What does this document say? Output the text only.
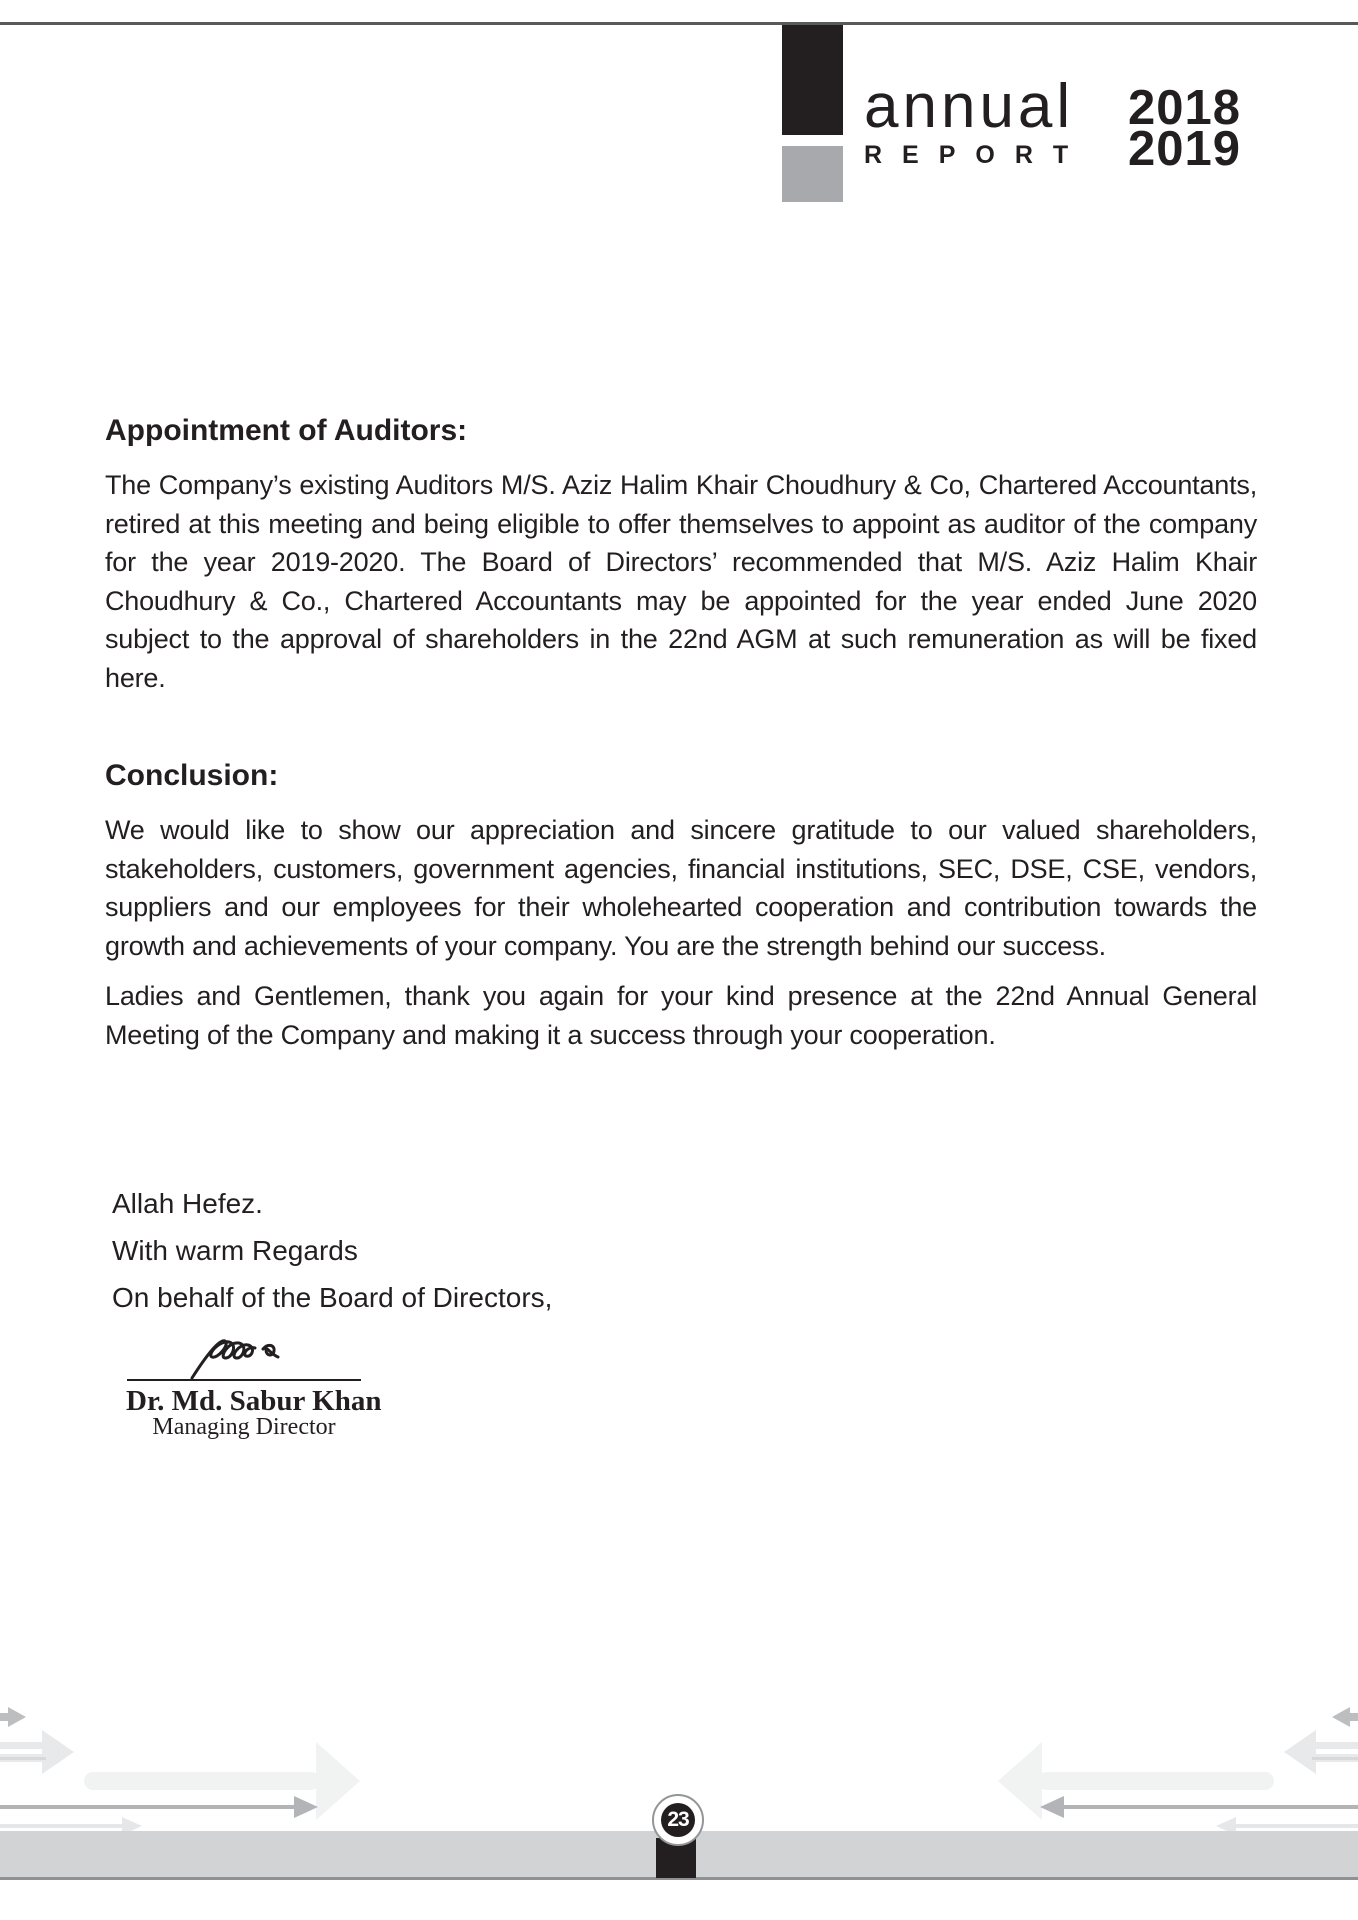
annual
REPORT
2018
2019
Appointment of Auditors:

The Company’s existing Auditors M/S. Aziz Halim Khair Choudhury & Co, Chartered Accountants, retired at this meeting and being eligible to offer themselves to appoint as auditor of the company for the year 2019-2020. The Board of Directors’ recommended that M/S. Aziz Halim Khair Choudhury & Co., Chartered Accountants may be appointed for the year ended June 2020 subject to the approval of shareholders in the 22nd AGM at such remuneration as will be fixed here.

Conclusion:

We would like to show our appreciation and sincere gratitude to our valued shareholders, stakeholders, customers, government agencies, financial institutions, SEC, DSE, CSE, vendors, suppliers and our employees for their wholehearted cooperation and contribution towards the growth and achievements of your company. You are the strength behind our success.

Ladies and Gentlemen, thank you again for your kind presence at the 22nd Annual General Meeting of the Company and making it a success through your cooperation.

Allah Hefez.
With warm Regards
On behalf of the Board of Directors,
Dr. Md. Sabur Khan
Managing Director
23
